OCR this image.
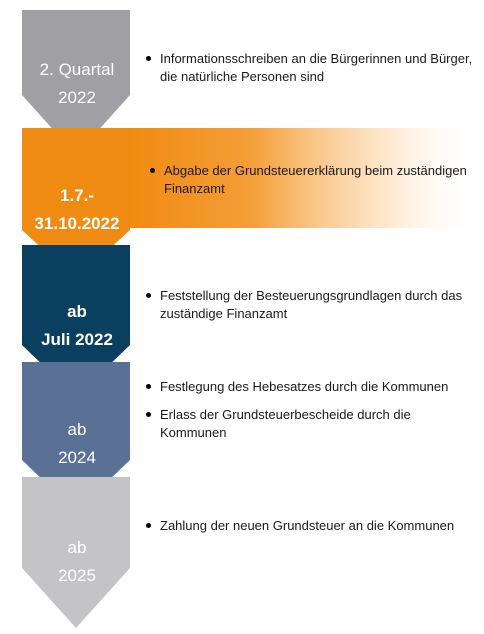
2. Quartal
2022
1.7.-
31.10.2022
ab
Juli 2022
ab
2024
ab
2025
Informationsschreiben an die Bürgerinnen und Bürger, die natürliche Personen sind
Abgabe der Grundsteuererklärung beim zuständigen Finanzamt
Feststellung der Besteuerungsgrundlagen durch das zuständige Finanzamt
Festlegung des Hebesatzes durch die Kommunen
Erlass der Grundsteuerbescheide durch die Kommunen
Zahlung der neuen Grundsteuer an die Kommunen
